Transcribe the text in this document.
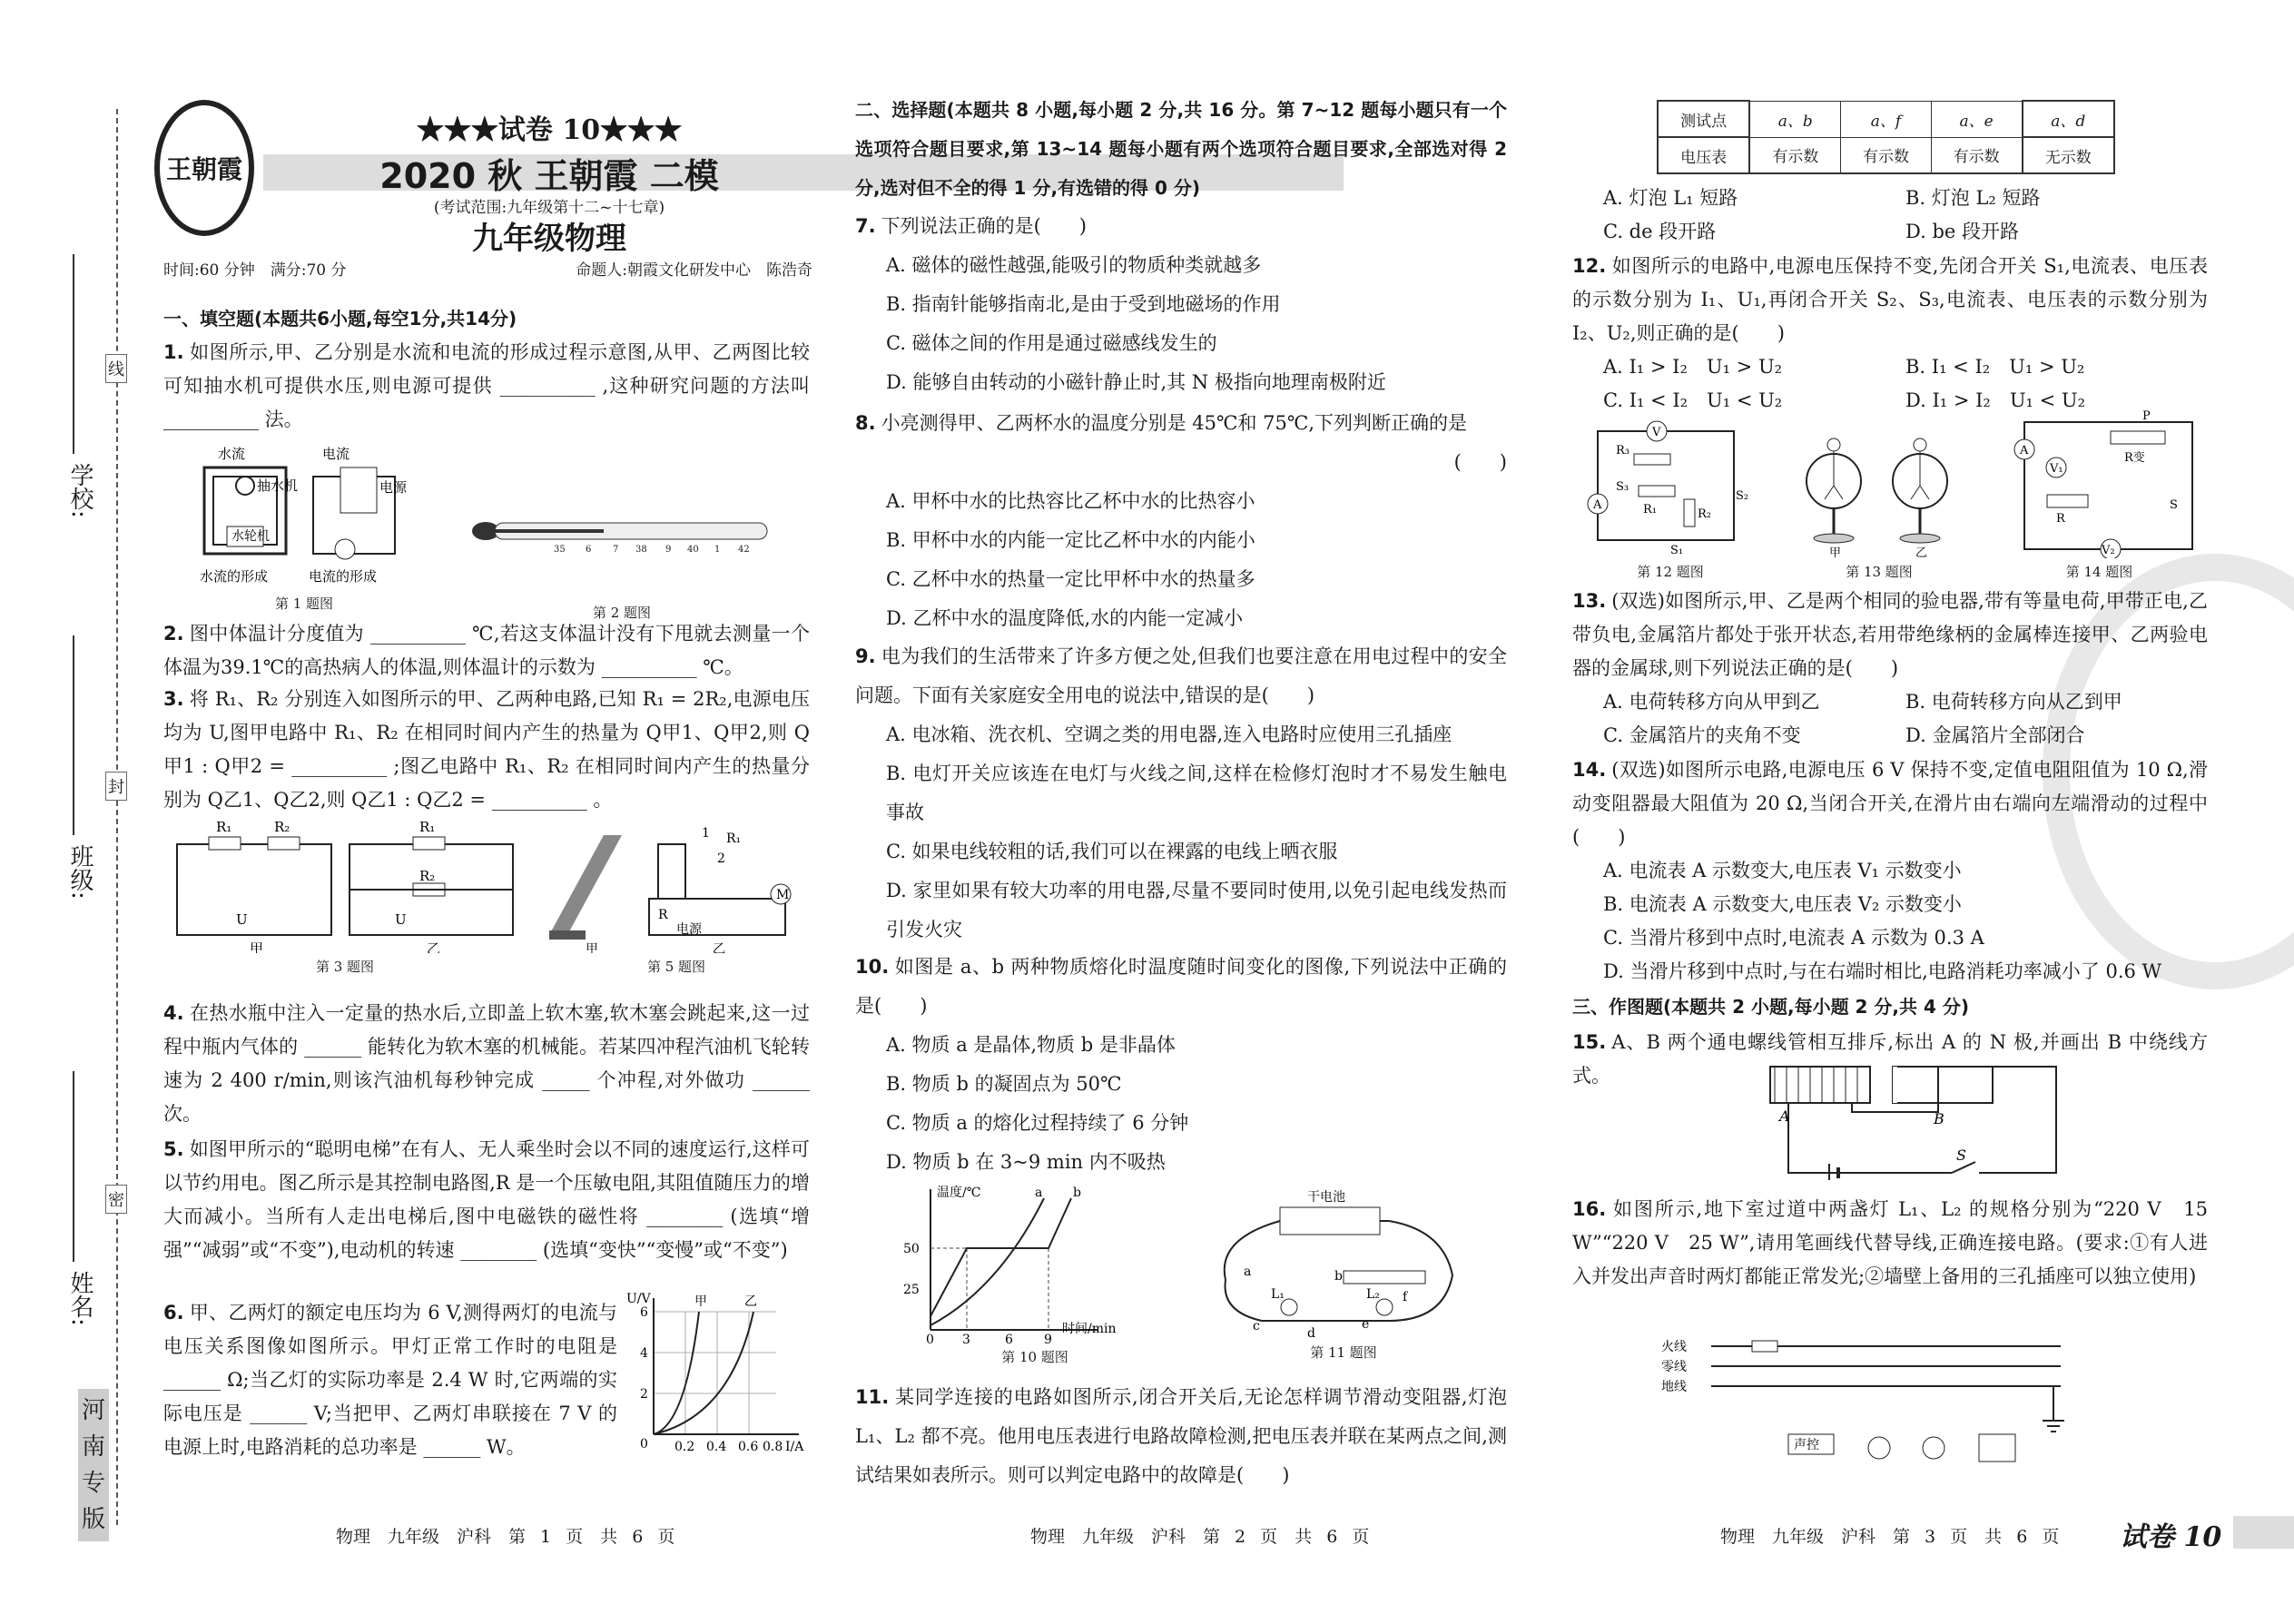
学校:
班级:
姓名:
线
封
密
河南专版
王朝霞
★★★试卷 10★★★
2020 秋 王朝霞 二模
(考试范围:九年级第十二~十七章)
九年级物理
时间:60 分钟　满分:70 分	命题人:朝霞文化研发中心　陈浩奇
一、填空题(本题共6小题,每空1分,共14分)
1. 如图所示,甲、乙分别是水流和电流的形成过程示意图,从甲、乙两图比较可知抽水机可提供水压,则电源可提供 __________ ,这种研究问题的方法叫 __________ 法。
水流	电流
抽水机	电源
水轮机
水流的形成	电流的形成
第 1 题图
35 6 7 38 9 40 1 42
第 2 题图
2. 图中体温计分度值为 __________ ℃,若这支体温计没有下甩就去测量一个体温为39.1℃的高热病人的体温,则体温计的示数为 __________ ℃。
3. 将 R₁、R₂ 分别连入如图所示的甲、乙两种电路,已知 R₁ = 2R₂,电源电压均为 U,图甲电路中 R₁、R₂ 在相同时间内产生的热量为 Q甲1、Q甲2,则 Q甲1 : Q甲2 = __________ ;图乙电路中 R₁、R₂ 在相同时间内产生的热量分别为 Q乙1、Q乙2,则 Q乙1 : Q乙2 = __________ 。
R₁	R₂
U
R₁
R₂
U
甲	乙
第 3 题图
1
2
R₁
电源
R
M
甲	乙
第 5 题图
4. 在热水瓶中注入一定量的热水后,立即盖上软木塞,软木塞会跳起来,这一过程中瓶内气体的 ______ 能转化为软木塞的机械能。若某四冲程汽油机飞轮转速为 2 400 r/min,则该汽油机每秒钟完成 _____ 个冲程,对外做功 ______ 次。
5. 如图甲所示的“聪明电梯”在有人、无人乘坐时会以不同的速度运行,这样可以节约用电。图乙所示是其控制电路图,R 是一个压敏电阻,其阻值随压力的增大而减小。当所有人走出电梯后,图中电磁铁的磁性将 ________ (选填“增强”“减弱”或“不变”),电动机的转速 ________ (选填“变快”“变慢”或“不变”)
6. 甲、乙两灯的额定电压均为 6 V,测得两灯的电流与电压关系图像如图所示。甲灯正常工作时的电阻是 ______ Ω;当乙灯的实际功率是 2.4 W 时,它两端的实际电压是 ______ V;当把甲、乙两灯串联接在 7 V 的电源上时,电路消耗的总功率是 ______ W。
U/V
I/A
6
4
2
0 0.2 0.4 0.6 0.8
甲	乙
物理　九年级　沪科　第 1 页　共 6 页
二、选择题(本题共 8 小题,每小题 2 分,共 16 分。第 7~12 题每小题只有一个选项符合题目要求,第 13~14 题每小题有两个选项符合题目要求,全部选对得 2 分,选对但不全的得 1 分,有选错的得 0 分)
7. 下列说法正确的是(　　)
A. 磁体的磁性越强,能吸引的物质种类就越多
B. 指南针能够指南北,是由于受到地磁场的作用
C. 磁体之间的作用是通过磁感线发生的
D. 能够自由转动的小磁针静止时,其 N 极指向地理南极附近
8. 小亮测得甲、乙两杯水的温度分别是 45℃和 75℃,下列判断正确的是
(　　)
A. 甲杯中水的比热容比乙杯中水的比热容小
B. 甲杯中水的内能一定比乙杯中水的内能小
C. 乙杯中水的热量一定比甲杯中水的热量多
D. 乙杯中水的温度降低,水的内能一定减小
9. 电为我们的生活带来了许多方便之处,但我们也要注意在用电过程中的安全问题。下面有关家庭安全用电的说法中,错误的是(　　)
A. 电冰箱、洗衣机、空调之类的用电器,连入电路时应使用三孔插座
B. 电灯开关应该连在电灯与火线之间,这样在检修灯泡时才不易发生触电事故
C. 如果电线较粗的话,我们可以在裸露的电线上晒衣服
D. 家里如果有较大功率的用电器,尽量不要同时使用,以免引起电线发热而引发火灾
10. 如图是 a、b 两种物质熔化时温度随时间变化的图像,下列说法中正确的是(　　)
A. 物质 a 是晶体,物质 b 是非晶体
B. 物质 b 的凝固点为 50℃
C. 物质 a 的熔化过程持续了 6 分钟
D. 物质 b 在 3~9 min 内不吸热
温度/℃
时间/min
50
25
0 3	6 9
a b
第 10 题图
干电池
a	b
c	d
e
f
L₁	L₂
第 11 题图
11. 某同学连接的电路如图所示,闭合开关后,无论怎样调节滑动变阻器,灯泡 L₁、L₂ 都不亮。他用电压表进行电路故障检测,把电压表并联在某两点之间,测试结果如表所示。则可以判定电路中的故障是(　　)
物理　九年级　沪科　第 2 页　共 6 页
测试点	a、b	a、f	a、e	a、d
电压表	有示数	有示数	有示数	无示数
A. 灯泡 L₁ 短路	B. 灯泡 L₂ 短路
C. de 段开路	D. be 段开路
12. 如图所示的电路中,电源电压保持不变,先闭合开关 S₁,电流表、电压表的示数分别为 I₁、U₁,再闭合开关 S₂、S₃,电流表、电压表的示数分别为 I₂、U₂,则正确的是(　　)
A. I₁ > I₂　U₁ > U₂	B. I₁ < I₂　U₁ > U₂
C. I₁ < I₂　U₁ < U₂	D. I₁ > I₂　U₁ < U₂
V
R₃
A
S₃
R₁	R₂
S₂
S₁
第 12 题图
甲	乙
第 13 题图
P
A
V₁
R变
R
S
V₂
第 14 题图
13. (双选)如图所示,甲、乙是两个相同的验电器,带有等量电荷,甲带正电,乙带负电,金属箔片都处于张开状态,若用带绝缘柄的金属棒连接甲、乙两验电器的金属球,则下列说法正确的是(　　)
A. 电荷转移方向从甲到乙	B. 电荷转移方向从乙到甲
C. 金属箔片的夹角不变	D. 金属箔片全部闭合
14. (双选)如图所示电路,电源电压 6 V 保持不变,定值电阻阻值为 10 Ω,滑动变阻器最大阻值为 20 Ω,当闭合开关,在滑片由右端向左端滑动的过程中(　　)
A. 电流表 A 示数变大,电压表 V₁ 示数变小
B. 电流表 A 示数变大,电压表 V₂ 示数变小
C. 当滑片移到中点时,电流表 A 示数为 0.3 A
D. 当滑片移到中点时,与在右端时相比,电路消耗功率减小了 0.6 W
三、作图题(本题共 2 小题,每小题 2 分,共 4 分)
15. A、B 两个通电螺线管相互排斥,标出 A 的 N 极,并画出 B 中绕线方式。
A	B
S
16. 如图所示,地下室过道中两盏灯 L₁、L₂ 的规格分别为“220 V　15 W”“220 V　25 W”,请用笔画线代替导线,正确连接电路。(要求:①有人进入并发出声音时两灯都能正常发光;②墙壁上备用的三孔插座可以独立使用)
火线
零线
地线
声控
物理　九年级　沪科　第 3 页　共 6 页 试卷 10
